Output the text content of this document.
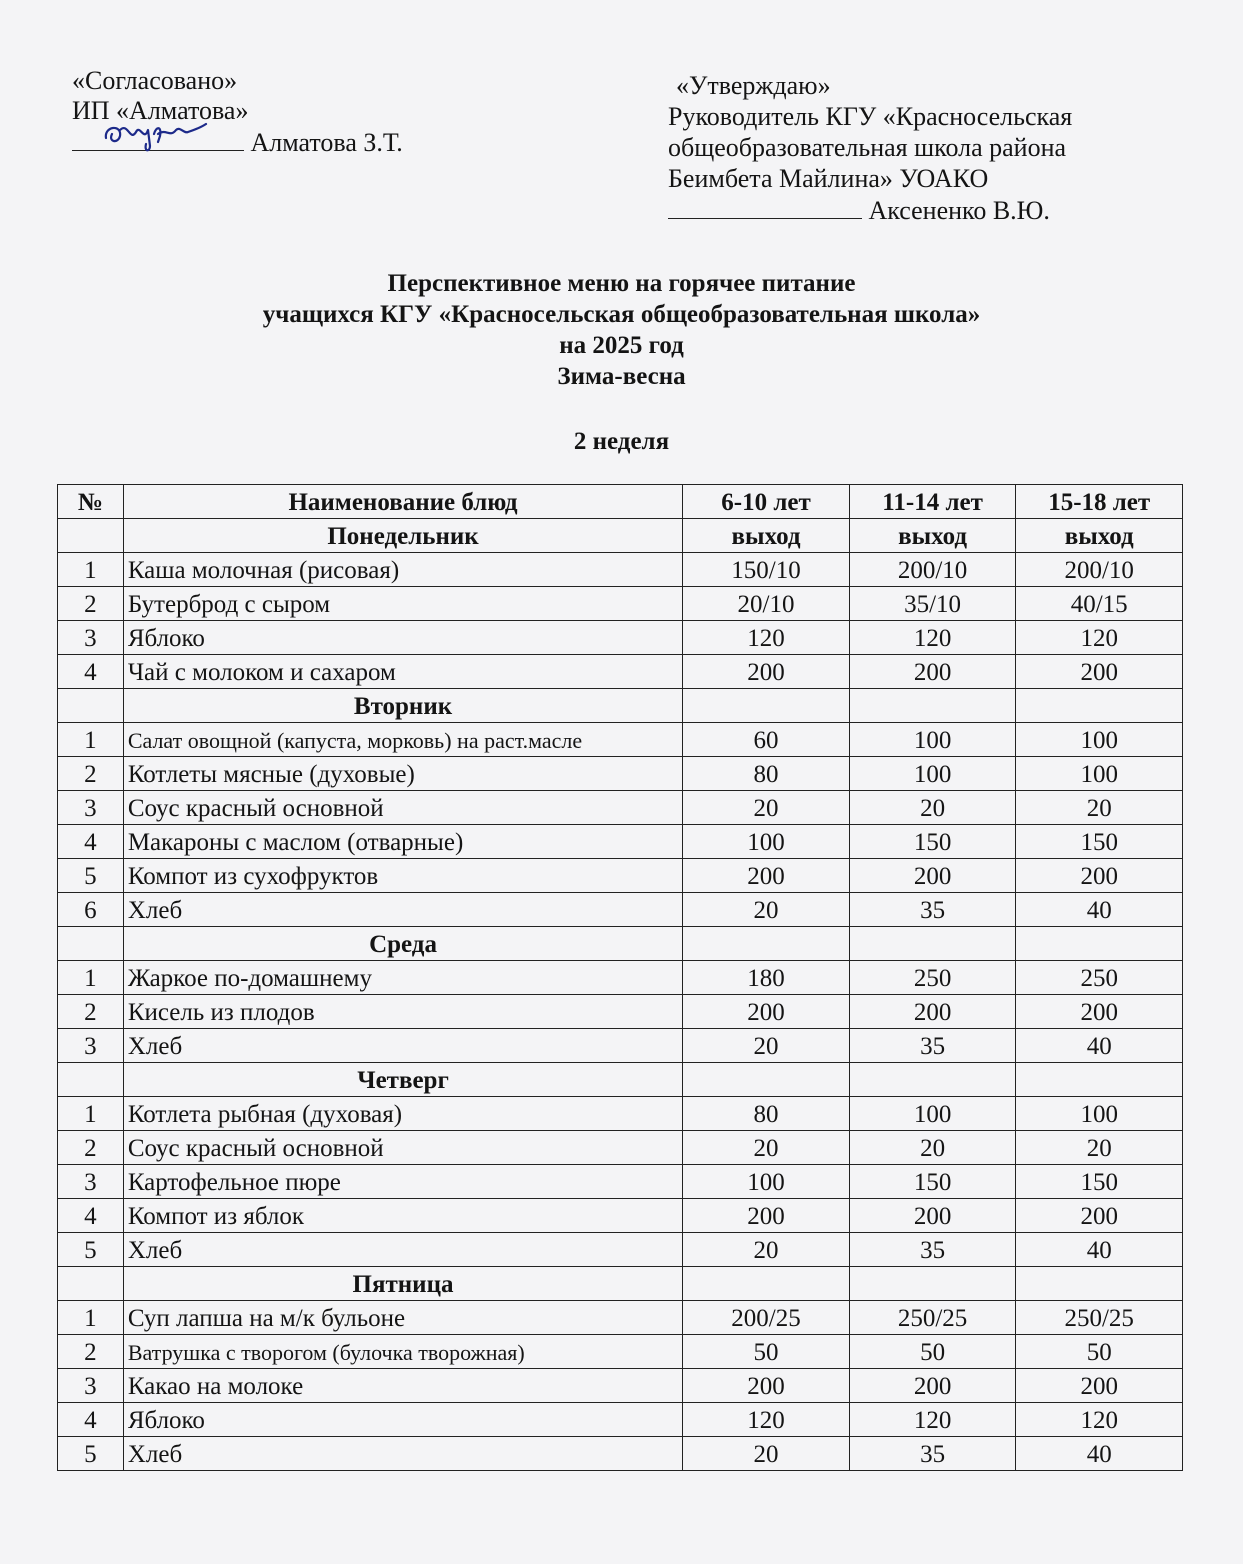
«Согласовано»
ИП «Алматова»
Алматова З.Т.
«Утверждаю»
Руководитель КГУ «Красносельская
общеобразовательная школа района
Беимбета Майлина» УОАКО
Аксененко В.Ю.
Перспективное меню на горячее питание
учащихся КГУ «Красносельская общеобразовательная школа»
на 2025 год
Зима-весна
2 неделя
№	Наименование блюд	6-10 лет	11-14 лет	15-18 лет
	Понедельник	выход	выход	выход
1	Каша молочная (рисовая)	150/10	200/10	200/10
2	Бутерброд с сыром	20/10	35/10	40/15
3	Яблоко	120	120	120
4	Чай с молоком и сахаром	200	200	200
	Вторник			
1	Салат овощной (капуста, морковь) на раст.масле	60	100	100
2	Котлеты мясные (духовые)	80	100	100
3	Соус красный основной	20	20	20
4	Макароны с маслом (отварные)	100	150	150
5	Компот из сухофруктов	200	200	200
6	Хлеб	20	35	40
	Среда			
1	Жаркое по-домашнему	180	250	250
2	Кисель из плодов	200	200	200
3	Хлеб	20	35	40
	Четверг			
1	Котлета рыбная (духовая)	80	100	100
2	Соус красный основной	20	20	20
3	Картофельное пюре	100	150	150
4	Компот из яблок	200	200	200
5	Хлеб	20	35	40
	Пятница			
1	Суп лапша на м/к бульоне	200/25	250/25	250/25
2	Ватрушка с творогом (булочка творожная)	50	50	50
3	Какао на молоке	200	200	200
4	Яблоко	120	120	120
5	Хлеб	20	35	40
